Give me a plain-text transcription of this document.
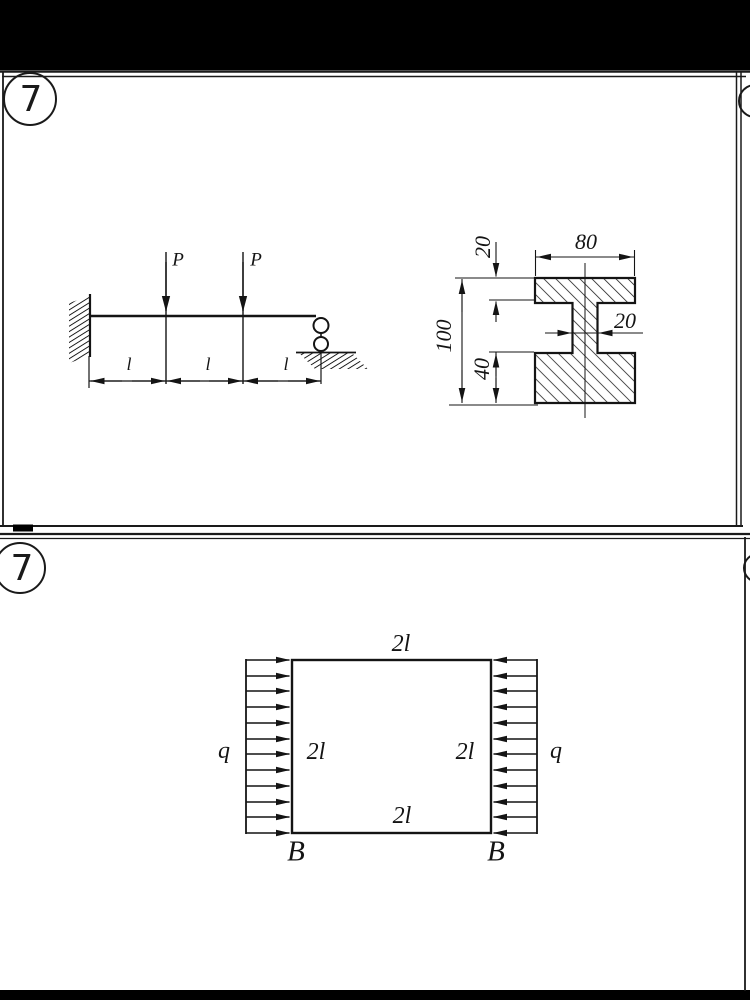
7
7
P	P
l	l	l
20	80
100
40
20
2l
2l
2l	2l
q	q
B	B
